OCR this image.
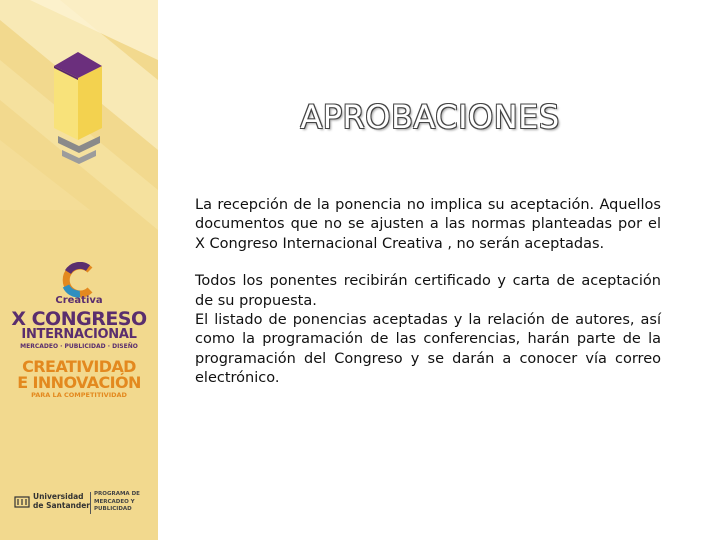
Creativa
X CONGRESO
INTERNACIONAL
MERCADEO · PUBLICIDAD · DISEÑO
CREATIVIDAD
E INNOVACIÓN
PARA LA COMPETITIVIDAD
Universidad
de Santander
PROGRAMA DE
MERCADEO Y
PUBLICIDAD
APROBACIONES

La recepción de la ponencia no implica su aceptación. Aquellos documentos que no se ajusten a las normas planteadas por el X Congreso Internacional Creativa , no serán aceptadas.

Todos los ponentes recibirán certificado y carta de aceptación de su propuesta.

El listado de ponencias aceptadas y la relación de autores, así como la programación de las conferencias, harán parte de la programación del Congreso y se darán a conocer vía correo electrónico.
